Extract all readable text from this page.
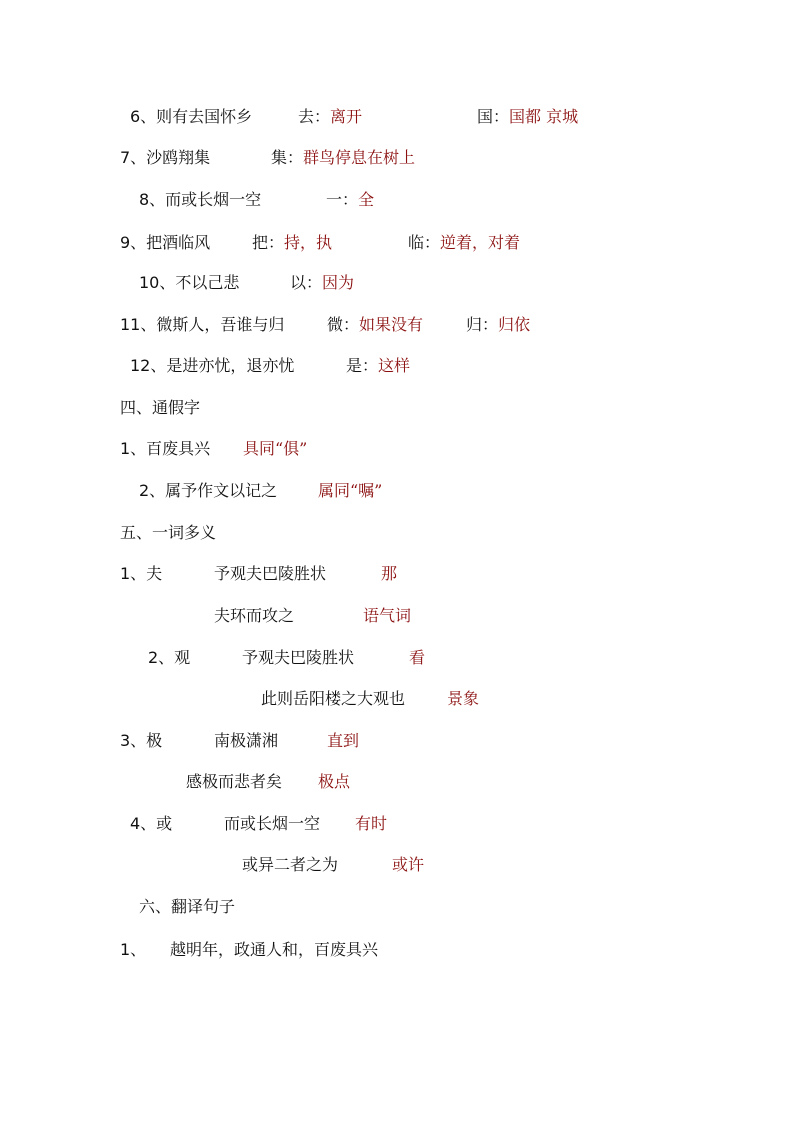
6、则有去国怀乡	去：离开	国：国都 京城
7、沙鸥翔集	集：群鸟停息在树上
8、而或长烟一空	一：全
9、把酒临风	把：持，执	临：逆着，对着
10、不以己悲	以：因为
11、微斯人，吾谁与归	微：如果没有	归：归依
12、是进亦忧，退亦忧	是：这样
四、通假字
1、百废具兴 具同“俱”
2、属予作文以记之	属同“嘱”
五、一词多义
1、夫	予观夫巴陵胜状	那
夫环而攻之	语气词
2、观	予观夫巴陵胜状	看
此则岳阳楼之大观也	景象
3、极	南极潇湘	直到
感极而悲者矣 极点
4、或	而或长烟一空 有时
或异二者之为	或许
六、翻译句子
1、 越明年，政通人和，百废具兴
